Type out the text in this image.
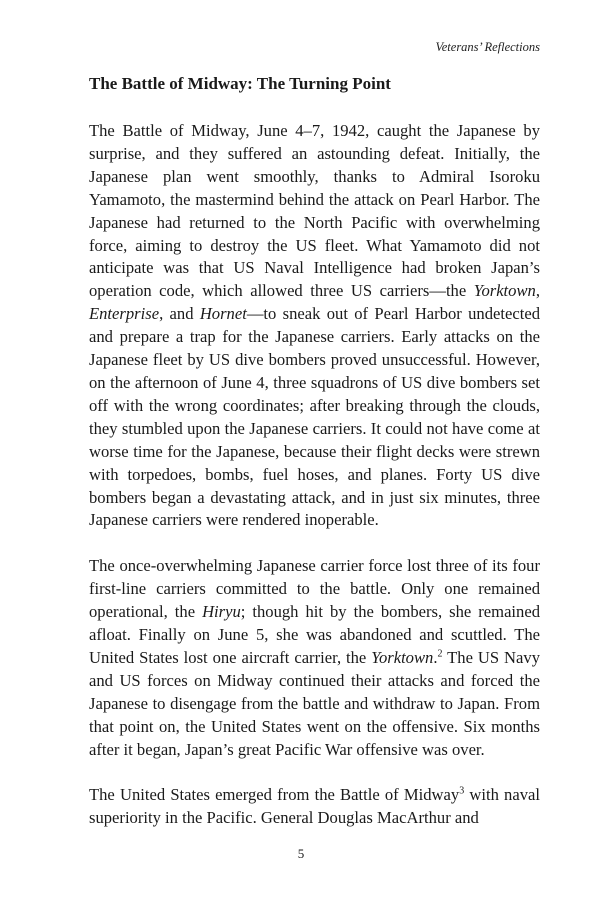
Veterans’ Reflections
The Battle of Midway: The Turning Point

The Battle of Midway, June 4–7, 1942, caught the Japanese by surprise, and they suffered an astounding defeat. Initially, the Japanese plan went smoothly, thanks to Admiral Isoroku Yamamoto, the mastermind behind the attack on Pearl Harbor. The Japanese had returned to the North Pacific with overwhelming force, aiming to destroy the US fleet. What Yamamoto did not anticipate was that US Naval Intelligence had broken Japan’s operation code, which allowed three US carriers—the Yorktown, Enterprise, and Hornet—to sneak out of Pearl Harbor undetected and prepare a trap for the Japanese carriers. Early attacks on the Japanese fleet by US dive bombers proved unsuccessful. However, on the afternoon of June 4, three squadrons of US dive bombers set off with the wrong coordinates; after breaking through the clouds, they stumbled upon the Japanese carriers. It could not have come at worse time for the Japanese, because their flight decks were strewn with torpedoes, bombs, fuel hoses, and planes. Forty US dive bombers began a devastating attack, and in just six minutes, three Japanese carriers were rendered inoperable.

The once-overwhelming Japanese carrier force lost three of its four first-line carriers committed to the battle. Only one remained operational, the Hiryu; though hit by the bombers, she remained afloat. Finally on June 5, she was abandoned and scuttled. The United States lost one aircraft carrier, the Yorktown.$^2$ The US Navy and US forces on Midway continued their attacks and forced the Japanese to disengage from the battle and withdraw to Japan. From that point on, the United States went on the offensive. Six months after it began, Japan’s great Pacific War offensive was over.

The United States emerged from the Battle of Midway$^3$ with naval superiority in the Pacific. General Douglas MacArthur and

5
